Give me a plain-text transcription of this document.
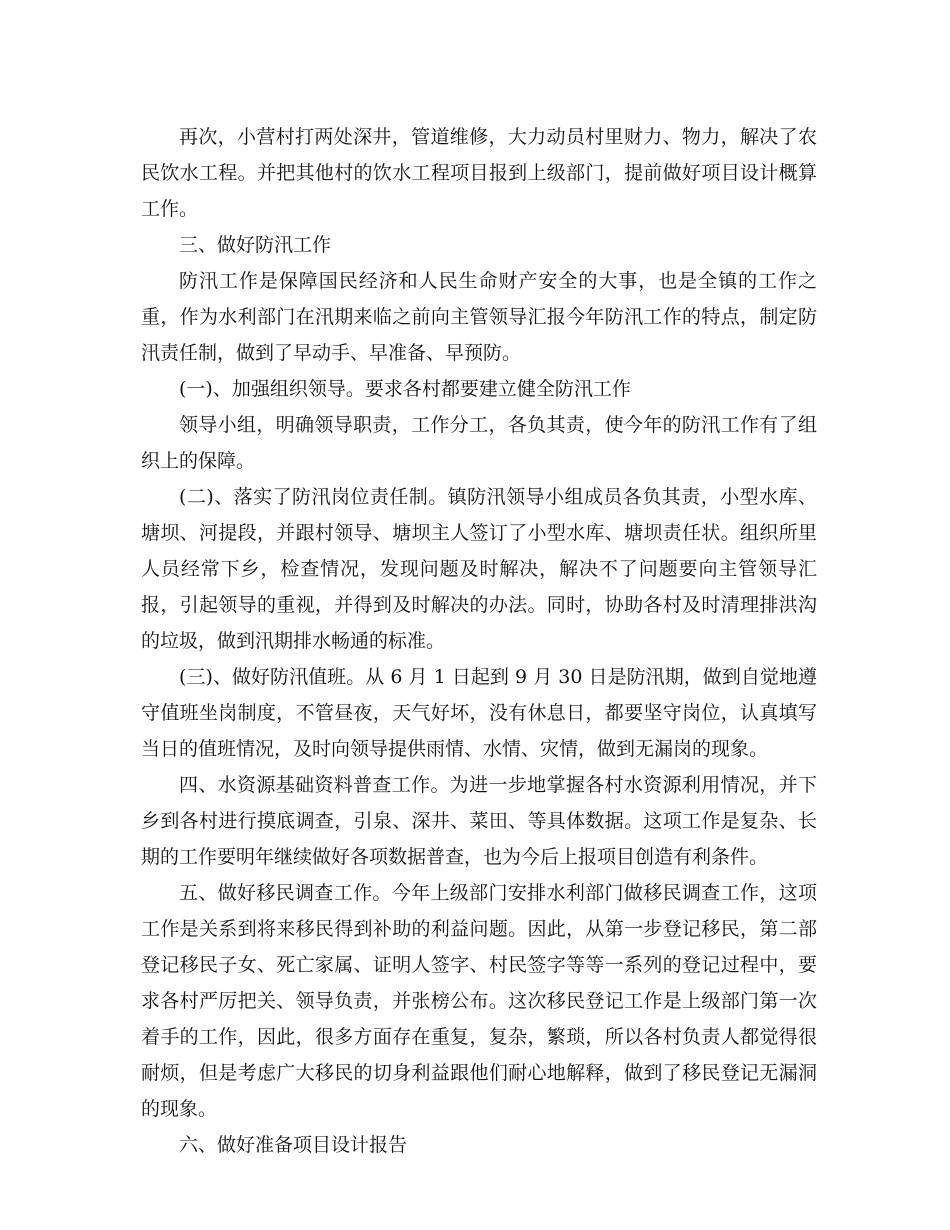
再次，小营村打两处深井，管道维修，大力动员村里财力、物力，解决了农民饮水工程。并把其他村的饮水工程项目报到上级部门，提前做好项目设计概算工作。

三、做好防汛工作

防汛工作是保障国民经济和人民生命财产安全的大事，也是全镇的工作之重，作为水利部门在汛期来临之前向主管领导汇报今年防汛工作的特点，制定防汛责任制，做到了早动手、早准备、早预防。

(一)、加强组织领导。要求各村都要建立健全防汛工作

领导小组，明确领导职责，工作分工，各负其责，使今年的防汛工作有了组织上的保障。

(二)、落实了防汛岗位责任制。镇防汛领导小组成员各负其责，小型水库、塘坝、河提段，并跟村领导、塘坝主人签订了小型水库、塘坝责任状。组织所里人员经常下乡，检查情况，发现问题及时解决，解决不了问题要向主管领导汇报，引起领导的重视，并得到及时解决的办法。同时，协助各村及时清理排洪沟的垃圾，做到汛期排水畅通的标准。

(三)、做好防汛值班。从 6 月 1 日起到 9 月 30 日是防汛期，做到自觉地遵守值班坐岗制度，不管昼夜，天气好坏，没有休息日，都要坚守岗位，认真填写当日的值班情况，及时向领导提供雨情、水情、灾情，做到无漏岗的现象。

四、水资源基础资料普查工作。为进一步地掌握各村水资源利用情况，并下乡到各村进行摸底调查，引泉、深井、菜田、等具体数据。这项工作是复杂、长期的工作要明年继续做好各项数据普查，也为今后上报项目创造有利条件。

五、做好移民调查工作。今年上级部门安排水利部门做移民调查工作，这项工作是关系到将来移民得到补助的利益问题。因此，从第一步登记移民，第二部登记移民子女、死亡家属、证明人签字、村民签字等等一系列的登记过程中，要求各村严厉把关、领导负责，并张榜公布。这次移民登记工作是上级部门第一次着手的工作，因此，很多方面存在重复，复杂，繁琐，所以各村负责人都觉得很耐烦，但是考虑广大移民的切身利益跟他们耐心地解释，做到了移民登记无漏洞的现象。

六、做好准备项目设计报告
